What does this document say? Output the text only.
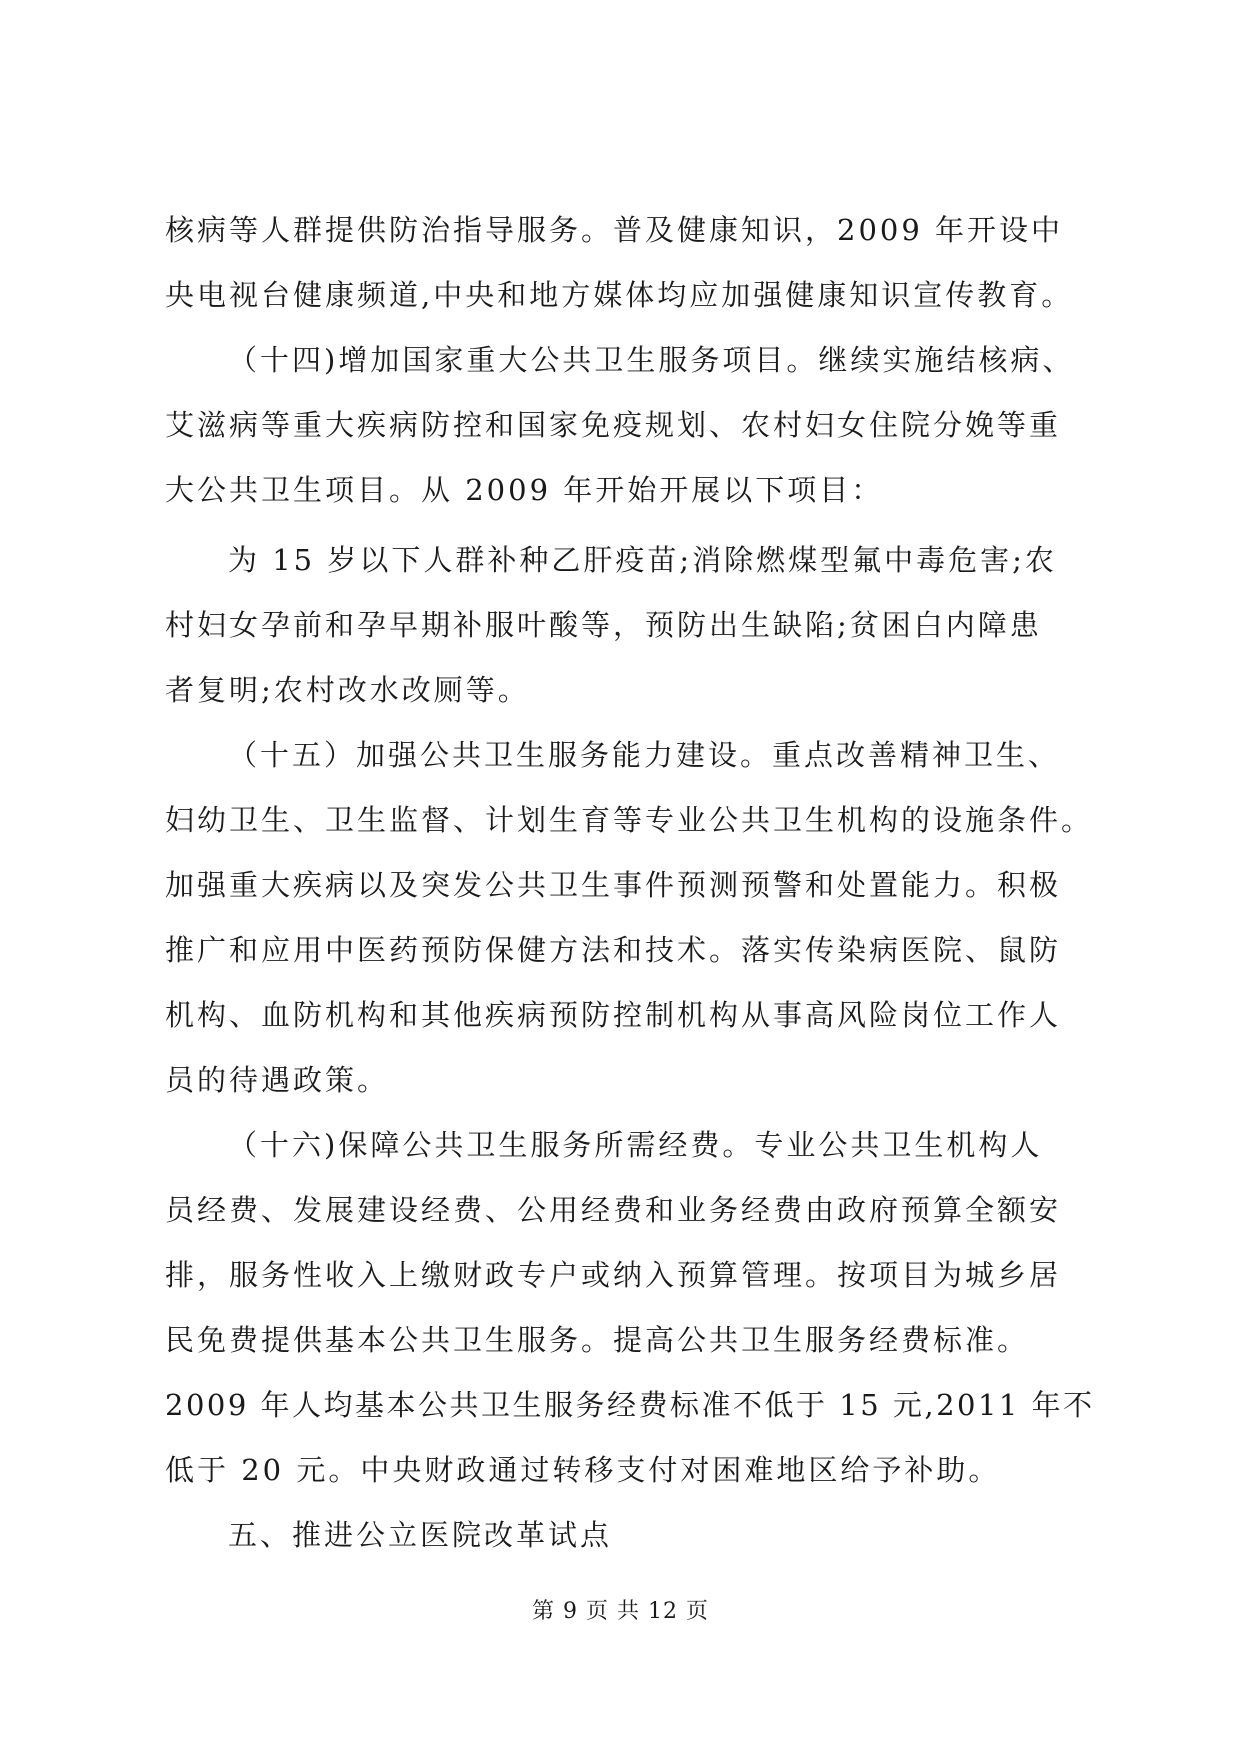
核病等人群提供防治指导服务。普及健康知识，2009 年开设中
央电视台健康频道,中央和地方媒体均应加强健康知识宣传教育。
（十四)增加国家重大公共卫生服务项目。继续实施结核病、
艾滋病等重大疾病防控和国家免疫规划、农村妇女住院分娩等重
大公共卫生项目。从 2009 年开始开展以下项目：
为 15 岁以下人群补种乙肝疫苗;消除燃煤型氟中毒危害;农
村妇女孕前和孕早期补服叶酸等，预防出生缺陷;贫困白内障患
者复明;农村改水改厕等。
（十五）加强公共卫生服务能力建设。重点改善精神卫生、
妇幼卫生、卫生监督、计划生育等专业公共卫生机构的设施条件。
加强重大疾病以及突发公共卫生事件预测预警和处置能力。积极
推广和应用中医药预防保健方法和技术。落实传染病医院、鼠防
机构、血防机构和其他疾病预防控制机构从事高风险岗位工作人
员的待遇政策。
（十六)保障公共卫生服务所需经费。专业公共卫生机构人
员经费、发展建设经费、公用经费和业务经费由政府预算全额安
排，服务性收入上缴财政专户或纳入预算管理。按项目为城乡居
民免费提供基本公共卫生服务。提高公共卫生服务经费标准。
2009 年人均基本公共卫生服务经费标准不低于 15 元,2011 年不
低于 20 元。中央财政通过转移支付对困难地区给予补助。
五、推进公立医院改革试点
第 9 页 共 12 页
